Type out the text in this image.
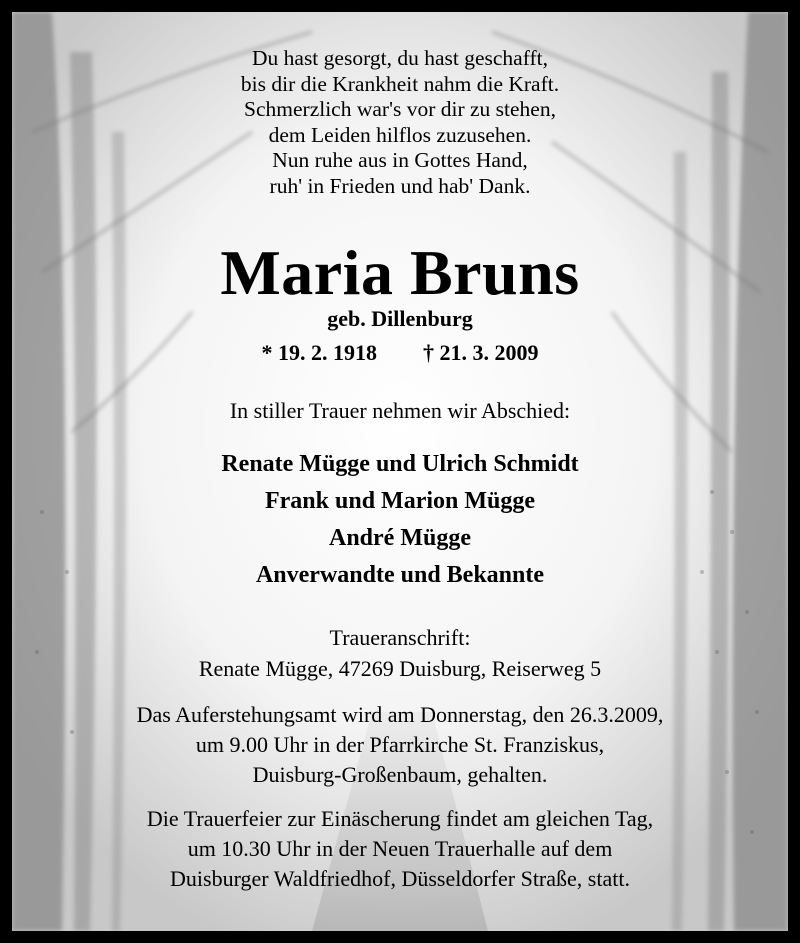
Du hast gesorgt, du hast geschafft,
bis dir die Krankheit nahm die Kraft.
Schmerzlich war's vor dir zu stehen,
dem Leiden hilflos zuzusehen.
Nun ruhe aus in Gottes Hand,
ruh' in Frieden und hab' Dank.
Maria Bruns
geb. Dillenburg
* 19. 2. 1918 † 21. 3. 2009
In stiller Trauer nehmen wir Abschied:
Renate Mügge und Ulrich Schmidt
Frank und Marion Mügge
André Mügge
Anverwandte und Bekannte
Traueranschrift:
Renate Mügge, 47269 Duisburg, Reiserweg 5
Das Auferstehungsamt wird am Donnerstag, den 26.3.2009,
um 9.00 Uhr in der Pfarrkirche St. Franziskus,
Duisburg-Großenbaum, gehalten.
Die Trauerfeier zur Einäscherung findet am gleichen Tag,
um 10.30 Uhr in der Neuen Trauerhalle auf dem
Duisburger Waldfriedhof, Düsseldorfer Straße, statt.
